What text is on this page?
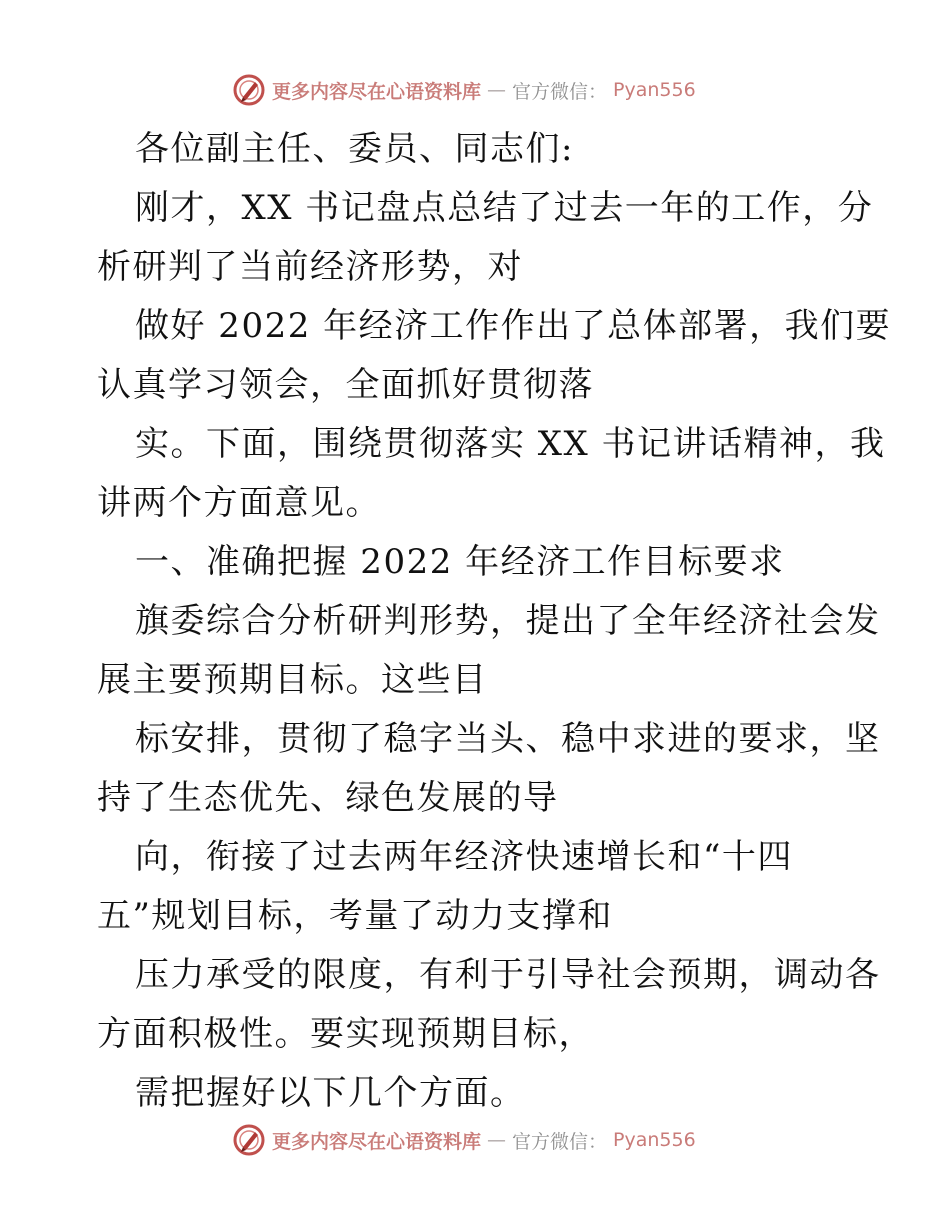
更多内容尽在心语资料库 — 官方微信： Pyan556
各位副主任、委员、同志们:
刚才，XX 书记盘点总结了过去一年的工作，分
析研判了当前经济形势，对
做好 2022 年经济工作作出了总体部署，我们要
认真学习领会，全面抓好贯彻落
实。下面，围绕贯彻落实 XX 书记讲话精神，我
讲两个方面意见。
一、准确把握 2022 年经济工作目标要求
旗委综合分析研判形势，提出了全年经济社会发
展主要预期目标。这些目
标安排，贯彻了稳字当头、稳中求进的要求，坚
持了生态优先、绿色发展的导
向，衔接了过去两年经济快速增长和“十四
五”规划目标，考量了动力支撑和
压力承受的限度，有利于引导社会预期，调动各
方面积极性。要实现预期目标，
需把握好以下几个方面。
更多内容尽在心语资料库 — 官方微信： Pyan556
